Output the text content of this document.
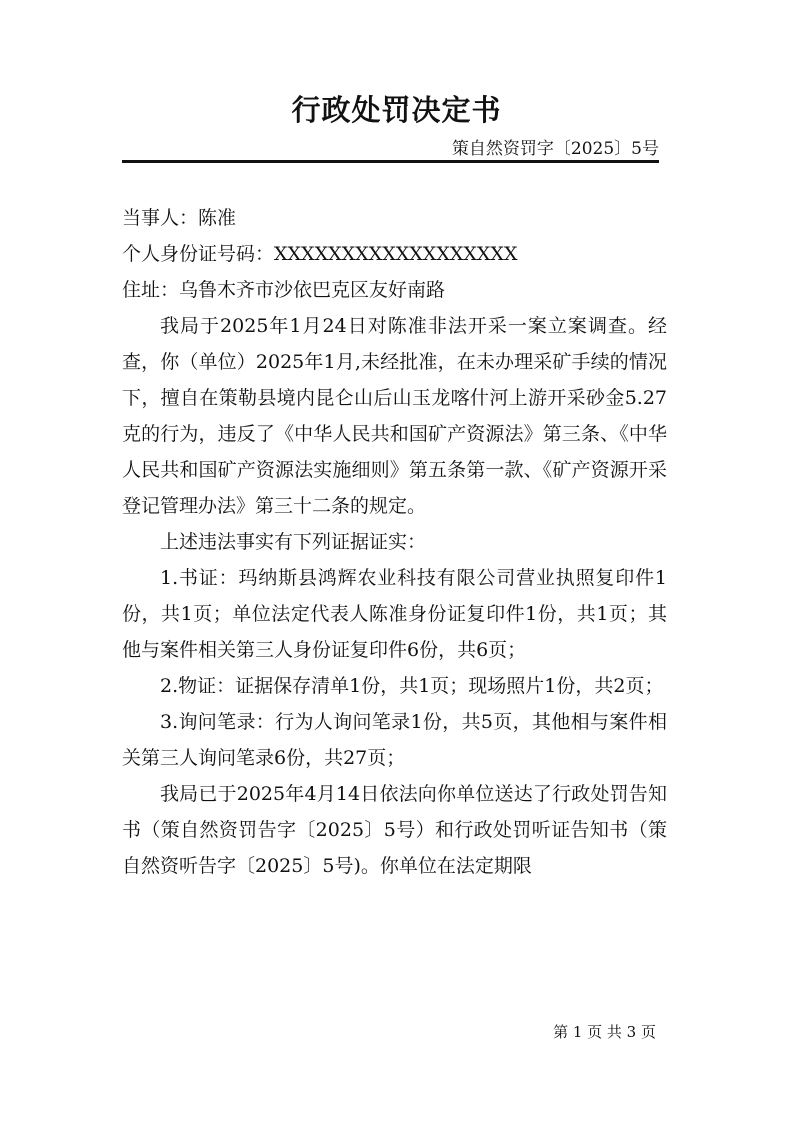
行政处罚决定书
策自然资罚字〔2025〕5号

当事人：陈准

个人身份证号码：XXXXXXXXXXXXXXXXXX

住址：乌鲁木齐市沙依巴克区友好南路

我局于2025年1月24日对陈准非法开采一案立案调查。经查，你（单位）2025年1月,未经批准，在未办理采矿手续的情况下，擅自在策勒县境内昆仑山后山玉龙喀什河上游开采砂金5.27克的行为，违反了《中华人民共和国矿产资源法》第三条、《中华人民共和国矿产资源法实施细则》第五条第一款、《矿产资源开采登记管理办法》第三十二条的规定。

上述违法事实有下列证据证实：

1.书证：玛纳斯县鸿辉农业科技有限公司营业执照复印件1份，共1页；单位法定代表人陈准身份证复印件1份，共1页；其他与案件相关第三人身份证复印件6份，共6页；

2.物证：证据保存清单1份，共1页；现场照片1份，共2页；

3.询问笔录：行为人询问笔录1份，共5页，其他相与案件相关第三人询问笔录6份，共27页；

我局已于2025年4月14日依法向你单位送达了行政处罚告知书（策自然资罚告字〔2025〕5号）和行政处罚听证告知书（策自然资听告字〔2025〕5号)。你单位在法定期限

第 1 页 共 3 页
